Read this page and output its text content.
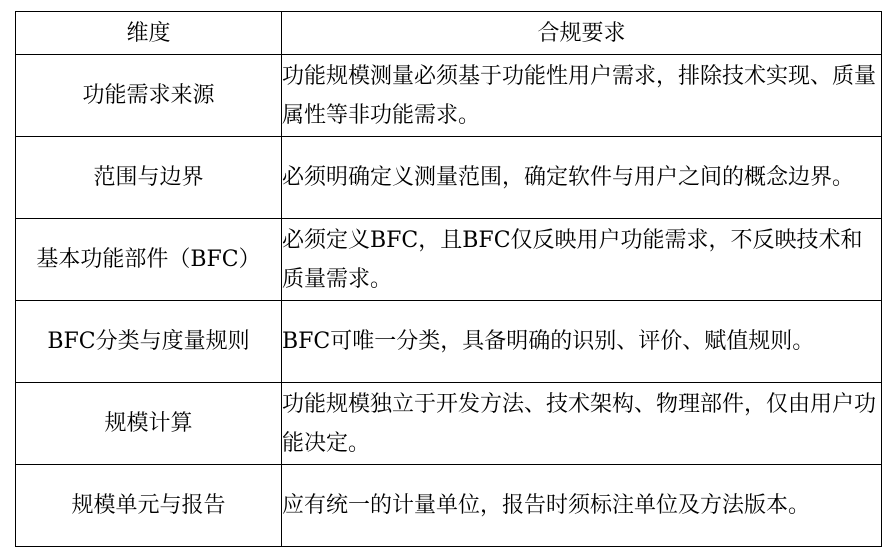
维度	合规要求
功能需求来源	功能规模测量必须基于功能性用户需求，排除技术实现、质量属性等非功能需求。
范围与边界	必须明确定义测量范围，确定软件与用户之间的概念边界。
基本功能部件（BFC）	必须定义BFC，且BFC仅反映用户功能需求，不反映技术和质量需求。
BFC分类与度量规则	BFC可唯一分类，具备明确的识别、评价、赋值规则。
规模计算	功能规模独立于开发方法、技术架构、物理部件，仅由用户功能决定。
规模单元与报告	应有统一的计量单位，报告时须标注单位及方法版本。
